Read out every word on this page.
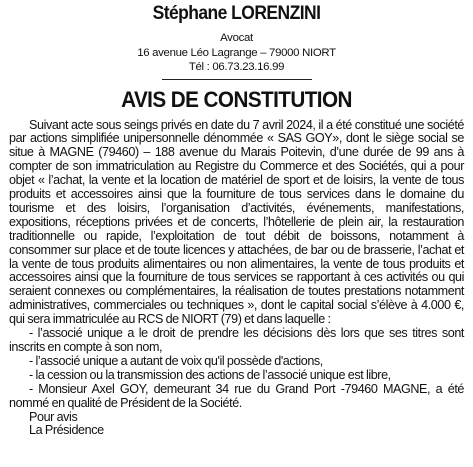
Stéphane LORENZINI
Avocat
16 avenue Léo Lagrange – 79000 NIORT
Tél : 06.73.23.16.99
AVIS DE CONSTITUTION

Suivant acte sous seings privés en date du 7 avril 2024, il a été constitué une société par actions simplifiée unipersonnelle dénommée « SAS GOY», dont le siège social se situe à MAGNE (79460) – 188 avenue du Marais Poitevin, d’une durée de 99 ans à compter de son immatriculation au Registre du Commerce et des Sociétés, qui a pour objet « l’achat, la vente et la location de matériel de sport et de loisirs, la vente de tous produits et accessoires ainsi que la fourniture de tous services dans le domaine du tourisme et des loisirs, l’organisation d’activités, événements, manifestations, expositions, réceptions privées et de concerts, l’hôtellerie de plein air, la restauration traditionnelle ou rapide, l’exploitation de tout débit de boissons, notamment à consommer sur place et de toute licences y attachées, de bar ou de brasserie, l’achat et la vente de tous produits alimentaires ou non alimentaires, la vente de tous produits et accessoires ainsi que la fourniture de tous services se rapportant à ces activités ou qui seraient connexes ou complémentaires, la réalisation de toutes prestations notamment administratives, commerciales ou techniques », dont le capital social s’élève à 4.000 €, qui sera immatriculée au RCS de NIORT (79) et dans laquelle :

- l’associé unique a le droit de prendre les décisions dès lors que ses titres sont inscrits en compte à son nom,

- l’associé unique a autant de voix qu'il possède d'actions,

- la cession ou la transmission des actions de l’associé unique est libre,

- Monsieur Axel GOY, demeurant 34 rue du Grand Port -79460 MAGNE, a été nommé en qualité de Président de la Société.

Pour avis

La Présidence
